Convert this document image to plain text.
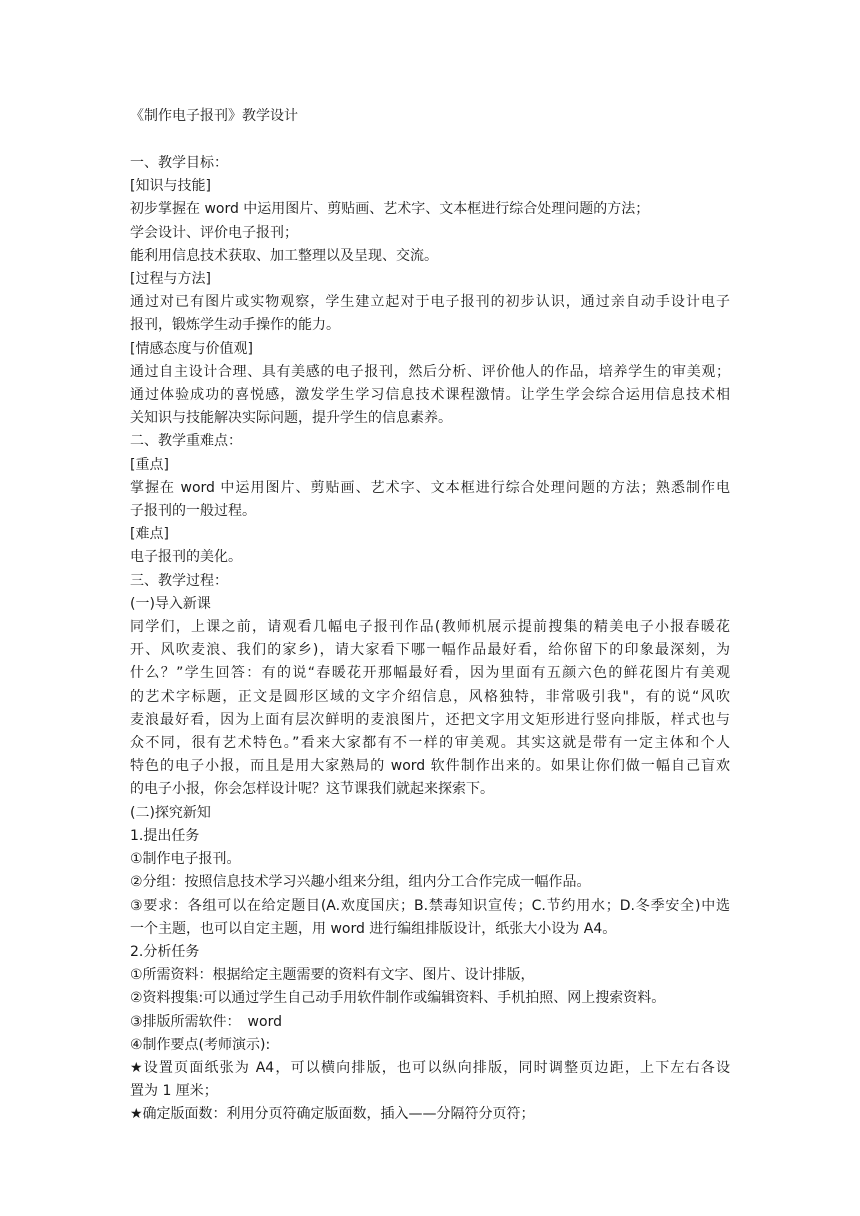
《制作电子报刊》教学设计
一、教学目标：
[知识与技能]
初步掌握在 word 中运用图片、剪贴画、艺术字、文本框进行综合处理问题的方法；
学会设计、评价电子报刊；
能利用信息技术获取、加工整理以及呈现、交流。
[过程与方法]
通过对已有图片或实物观察，学生建立起对于电子报刊的初步认识，通过亲自动手设计电子
报刊，锻炼学生动手操作的能力。
[情感态度与价值观]
通过自主设计合理、具有美感的电子报刊，然后分析、评价他人的作品，培养学生的审美观；
通过体验成功的喜悦感，激发学生学习信息技术课程激情。让学生学会综合运用信息技术相
关知识与技能解决实际问题，提升学生的信息素养。
二、教学重难点：
[重点]
掌握在 word 中运用图片、剪贴画、艺术字、文本框进行综合处理问题的方法；熟悉制作电
子报刊的一般过程。
[难点]
电子报刊的美化。
三、教学过程：
(一)导入新课
同学们，上课之前，请观看几幅电子报刊作品(教师机展示提前搜集的精美电子小报春暖花
开、风吹麦浪、我们的家乡)，请大家看下哪一幅作品最好看，给你留下的印象最深刻，为
什么？”学生回答：有的说“春暖花开那幅最好看，因为里面有五颜六色的鲜花图片有美观
的艺术字标题，正文是圆形区域的文字介绍信息，风格独特，非常吸引我"，有的说“风吹
麦浪最好看，因为上面有层次鲜明的麦浪图片，还把文字用文矩形进行竖向排版，样式也与
众不同，很有艺术特色。”看来大家都有不一样的审美观。其实这就是带有一定主体和个人
特色的电子小报，而且是用大家熟局的 word 软件制作出来的。如果让你们做一幅自己盲欢
的电子小报，你会怎样设计呢？这节课我们就起来探索下。
(二)探究新知
1.提出任务
①制作电子报刊。
②分组：按照信息技术学习兴趣小组来分组，组内分工合作完成一幅作品。
③要求：各组可以在给定题目(A.欢度国庆；B.禁毒知识宣传；C.节约用水；D.冬季安全)中选
一个主题，也可以自定主题，用 word 进行编组排版设计，纸张大小设为 A4。
2.分析任务
①所需资料：根据给定主题需要的资料有文字、图片、设计排版，
②资料搜集:可以通过学生自己动手用软件制作或编辑资料、手机拍照、网上搜索资料。
③排版所需软件：　word
④制作要点(考师演示):
★设置页面纸张为 A4，可以横向排版，也可以纵向排版，同时调整页边距，上下左右各设
置为 1 厘米；
★确定版面数：利用分页符确定版面数，插入——分隔符分页符；
